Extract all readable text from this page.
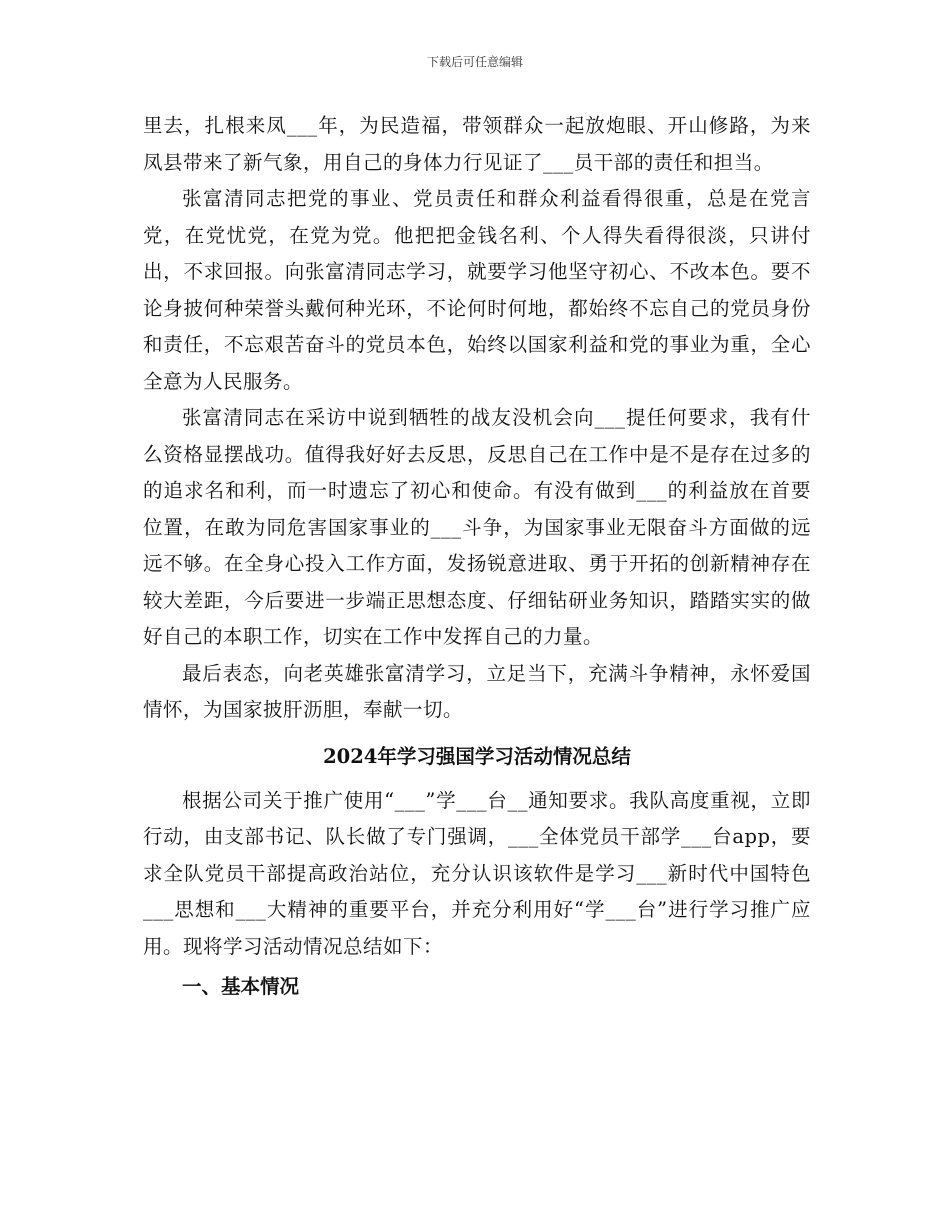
下载后可任意编辑

里去，扎根来凤___年，为民造福，带领群众一起放炮眼、开山修路，为来凤县带来了新气象，用自己的身体力行见证了___员干部的责任和担当。

张富清同志把党的事业、党员责任和群众利益看得很重，总是在党言党，在党忧党，在党为党。他把把金钱名利、个人得失看得很淡，只讲付出，不求回报。向张富清同志学习，就要学习他坚守初心、不改本色。要不论身披何种荣誉头戴何种光环，不论何时何地，都始终不忘自己的党员身份和责任，不忘艰苦奋斗的党员本色，始终以国家利益和党的事业为重，全心全意为人民服务。

张富清同志在采访中说到牺牲的战友没机会向___提任何要求，我有什么资格显摆战功。值得我好好去反思，反思自己在工作中是不是存在过多的的追求名和利，而一时遗忘了初心和使命。有没有做到___的利益放在首要位置，在敢为同危害国家事业的___斗争，为国家事业无限奋斗方面做的远远不够。在全身心投入工作方面，发扬锐意进取、勇于开拓的创新精神存在较大差距，今后要进一步端正思想态度、仔细钻研业务知识，踏踏实实的做好自己的本职工作，切实在工作中发挥自己的力量。

最后表态，向老英雄张富清学习，立足当下，充满斗争精神，永怀爱国情怀，为国家披肝沥胆，奉献一切。

2024年学习强国学习活动情况总结

根据公司关于推广使用“___”学___台__通知要求。我队高度重视，立即行动，由支部书记、队长做了专门强调，___全体党员干部学___台app，要求全队党员干部提高政治站位，充分认识该软件是学习___新时代中国特色___思想和___大精神的重要平台，并充分利用好“学___台”进行学习推广应用。现将学习活动情况总结如下：

一、基本情况
